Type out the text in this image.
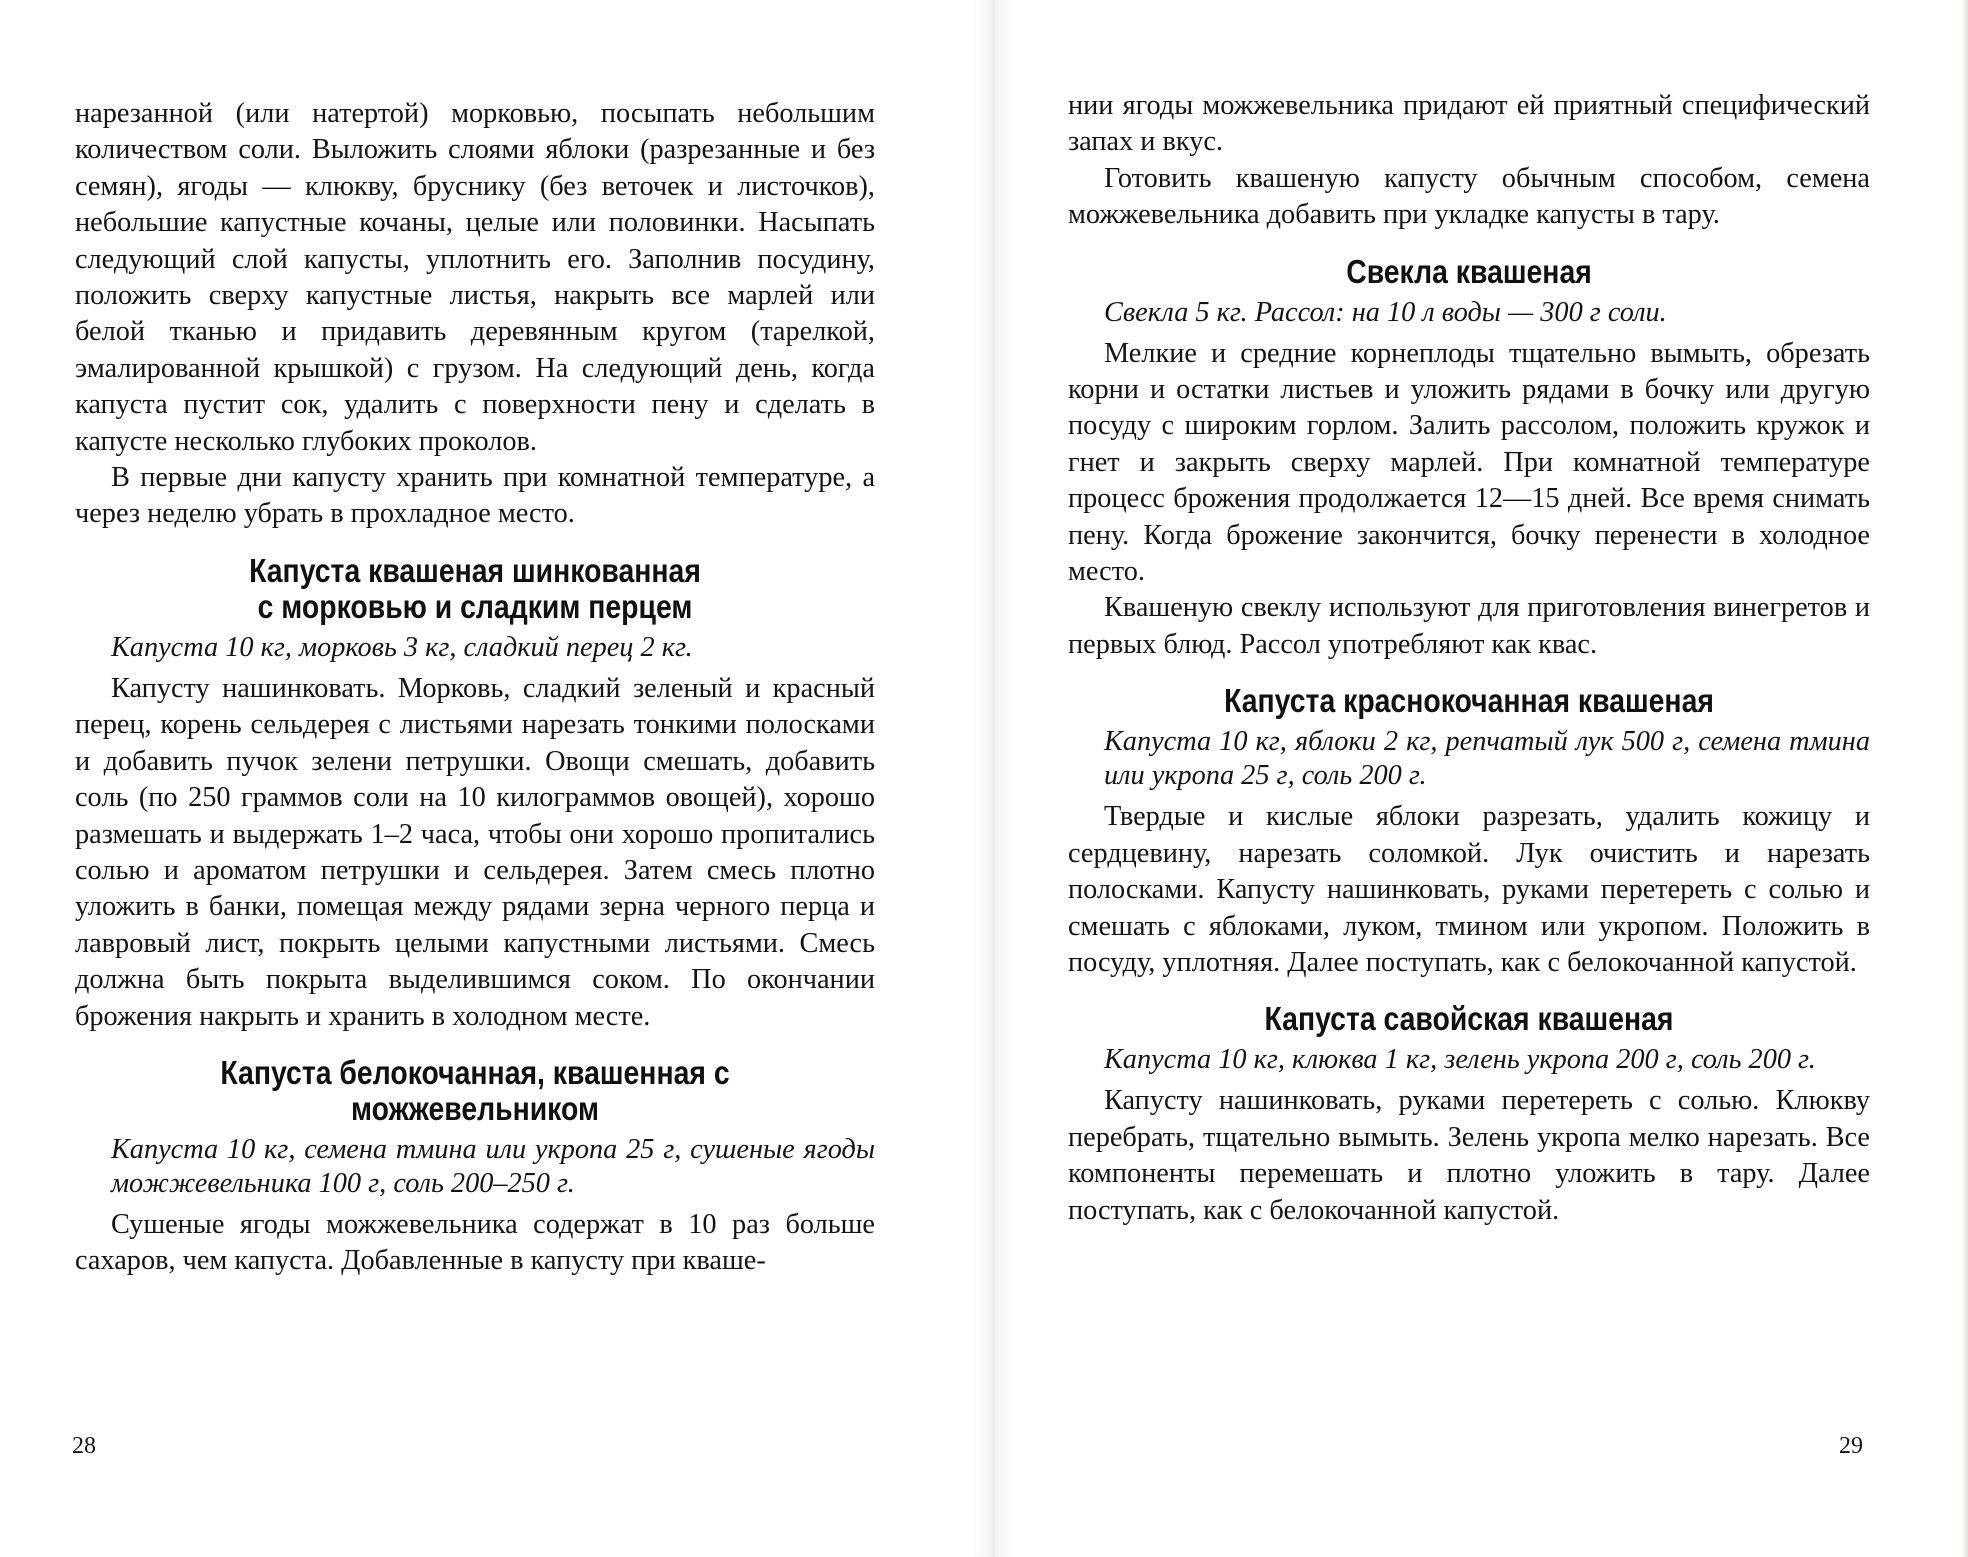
нарезанной (или натертой) морковью, посыпать небольшим количеством соли. Выложить слоями яблоки (разрезанные и без семян), ягоды — клюкву, бруснику (без веточек и листочков), небольшие капустные кочаны, целые или половинки. Насыпать следующий слой капусты, уплотнить его. Заполнив посудину, положить сверху капустные листья, накрыть все марлей или белой тканью и придавить деревянным кругом (тарелкой, эмалированной крышкой) с грузом. На следующий день, когда капуста пустит сок, удалить с поверхности пену и сделать в капусте несколько глубоких проколов.

В первые дни капусту хранить при комнатной температуре, а через неделю убрать в прохладное место.

Капуста квашеная шинкованная
с морковью и сладким перцем

Капуста 10 кг, морковь 3 кг, сладкий перец 2 кг.

Капусту нашинковать. Морковь, сладкий зеленый и красный перец, корень сельдерея с листьями нарезать тонкими полосками и добавить пучок зелени петрушки. Овощи смешать, добавить соль (по 250 граммов соли на 10 килограммов овощей), хорошо размешать и выдержать 1–2 часа, чтобы они хорошо пропитались солью и ароматом петрушки и сельдерея. Затем смесь плотно уложить в банки, помещая между рядами зерна черного перца и лавровый лист, покрыть целыми капустными листьями. Смесь должна быть покрыта выделившимся соком. По окончании брожения накрыть и хранить в холодном месте.

Капуста белокочанная, квашенная с
можжевельником

Капуста 10 кг, семена тмина или укропа 25 г, сушеные ягоды можжевельника 100 г, соль 200–250 г.

Сушеные ягоды можжевельника содержат в 10 раз больше сахаров, чем капуста. Добавленные в капусту при кваше-

28

нии ягоды можжевельника придают ей приятный специфический запах и вкус.

Готовить квашеную капусту обычным способом, семена можжевельника добавить при укладке капусты в тару.

Свекла квашеная

Свекла 5 кг. Рассол: на 10 л воды — 300 г соли.

Мелкие и средние корнеплоды тщательно вымыть, обрезать корни и остатки листьев и уложить рядами в бочку или другую посуду с широким горлом. Залить рассолом, положить кружок и гнет и закрыть сверху марлей. При комнатной температуре процесс брожения продолжается 12—15 дней. Все время снимать пену. Когда брожение закончится, бочку перенести в холодное место.

Квашеную свеклу используют для приготовления винегретов и первых блюд. Рассол употребляют как квас.

Капуста краснокочанная квашеная

Капуста 10 кг, яблоки 2 кг, репчатый лук 500 г, семена тмина или укропа 25 г, соль 200 г.

Твердые и кислые яблоки разрезать, удалить кожицу и сердцевину, нарезать соломкой. Лук очистить и нарезать полосками. Капусту нашинковать, руками перетереть с солью и смешать с яблоками, луком, тмином или укропом. Положить в посуду, уплотняя. Далее поступать, как с белокочанной капустой.

Капуста савойская квашеная

Капуста 10 кг, клюква 1 кг, зелень укропа 200 г, соль 200 г.

Капусту нашинковать, руками перетереть с солью. Клюкву перебрать, тщательно вымыть. Зелень укропа мелко нарезать. Все компоненты перемешать и плотно уложить в тару. Далее поступать, как с белокочанной капустой.

29
